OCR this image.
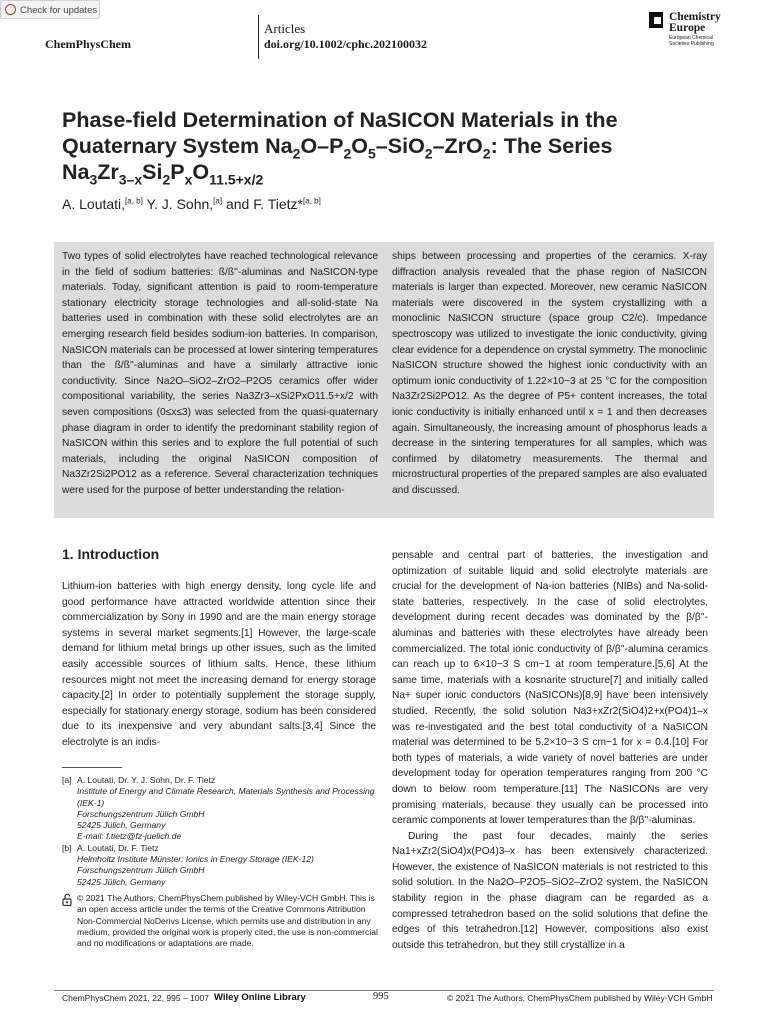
Check for updates
ChemPhysChem
Articles
doi.org/10.1002/cphc.202100032
Chemistry
Europe
European Chemical Societies Publishing
Phase-field Determination of NaSICON Materials in the
Quaternary System $Na_2O-P_2O_5-SiO_2-ZrO_2$: The Series
$Na_3Zr_{3-x}Si_2P_xO_{11.5+x/2}$
A. Loutati,[a, b] Y. J. Sohn,[a] and F. Tietz*[a, b]
Two types of solid electrolytes have reached technological relevance in the field of sodium batteries: ß/ß''-aluminas and NaSICON-type materials. Today, significant attention is paid to room-temperature stationary electricity storage technologies and all-solid-state Na batteries used in combination with these solid electrolytes are an emerging research field besides sodium-ion batteries. In comparison, NaSICON materials can be processed at lower sintering temperatures than the ß/ß''-aluminas and have a similarly attractive ionic conductivity. Since Na2O–SiO2–ZrO2–P2O5 ceramics offer wider compositional variability, the series Na3Zr3–xSi2PxO11.5+x/2 with seven compositions (0≤x≤3) was selected from the quasi-quaternary phase diagram in order to identify the predominant stability region of NaSICON within this series and to explore the full potential of such materials, including the original NaSICON composition of Na3Zr2Si2PO12 as a reference. Several characterization techniques were used for the purpose of better understanding the relation-
ships between processing and properties of the ceramics. X-ray diffraction analysis revealed that the phase region of NaSICON materials is larger than expected. Moreover, new ceramic NaSICON materials were discovered in the system crystallizing with a monoclinic NaSICON structure (space group C2/c). Impedance spectroscopy was utilized to investigate the ionic conductivity, giving clear evidence for a dependence on crystal symmetry. The monoclinic NaSICON structure showed the highest ionic conductivity with an optimum ionic conductivity of 1.22×10−3 at 25 °C for the composition Na3Zr2Si2PO12. As the degree of P5+ content increases, the total ionic conductivity is initially enhanced until x = 1 and then decreases again. Simultaneously, the increasing amount of phosphorus leads a decrease in the sintering temperatures for all samples, which was confirmed by dilatometry measurements. The thermal and microstructural properties of the prepared samples are also evaluated and discussed.
1. Introduction

Lithium-ion batteries with high energy density, long cycle life and good performance have attracted worldwide attention since their commercialization by Sony in 1990 and are the main energy storage systems in several market segments.[1] However, the large-scale demand for lithium metal brings up other issues, such as the limited easily accessible sources of lithium salts. Hence, these lithium resources might not meet the increasing demand for energy storage capacity.[2] In order to potentially supplement the storage supply, especially for stationary energy storage, sodium has been considered due to its inexpensive and very abundant salts.[3,4] Since the electrolyte is an indis-

pensable and central part of batteries, the investigation and optimization of suitable liquid and solid electrolyte materials are crucial for the development of Na-ion batteries (NIBs) and Na-solid-state batteries, respectively. In the case of solid electrolytes, development during recent decades was dominated by the β/β''-aluminas and batteries with these electrolytes have already been commercialized. The total ionic conductivity of β/β''-alumina ceramics can reach up to 6×10−3 S cm−1 at room temperature.[5,6] At the same time, materials with a kosnarite structure[7] and initially called Na+ super ionic conductors (NaSICONs)[8,9] have been intensively studied. Recently, the solid solution Na3+xZr2(SiO4)2+x(PO4)1–x was re-investigated and the best total conductivity of a NaSICON material was determined to be 5.2×10−3 S cm−1 for x = 0.4.[10] For both types of materials, a wide variety of novel batteries are under development today for operation temperatures ranging from 200 °C down to below room temperature.[11] The NaSICONs are very promising materials, because they usually can be processed into ceramic components at lower temperatures than the β/β''-aluminas.

During the past four decades, mainly the series Na1+xZr2(SiO4)x(PO4)3–x has been extensively characterized. However, the existence of NaSICON materials is not restricted to this solid solution. In the Na2O–P2O5–SiO2–ZrO2 system, the NaSICON stability region in the phase diagram can be regarded as a compressed tetrahedron based on the solid solutions that define the edges of this tetrahedron.[12] However, compositions also exist outside this tetrahedron, but they still crystallize in a

[a] A. Loutati, Dr. Y. J. Sohn, Dr. F. Tietz
Institute of Energy and Climate Research, Materials Synthesis and Processing (IEK-1)
Forschungszentrum Jülich GmbH
52425 Jülich, Germany
E-mail: f.tietz@fz-juelich.de
[b] A. Loutati, Dr. F. Tietz
Helmholtz Institute Münster: Ionics in Energy Storage (IEK-12)
Forschungszentrum Jülich GmbH
52425 Jülich, Germany
© 2021 The Authors. ChemPhysChem published by Wiley-VCH GmbH. This is an open access article under the terms of the Creative Commons Attribution Non-Commercial NoDerivs License, which permits use and distribution in any medium, provided the original work is properly cited, the use is non-commercial and no modifications or adaptations are made.
ChemPhysChem 2021, 22, 995 – 1007 Wiley Online Library	995	© 2021 The Authors. ChemPhysChem published by Wiley-VCH GmbH
